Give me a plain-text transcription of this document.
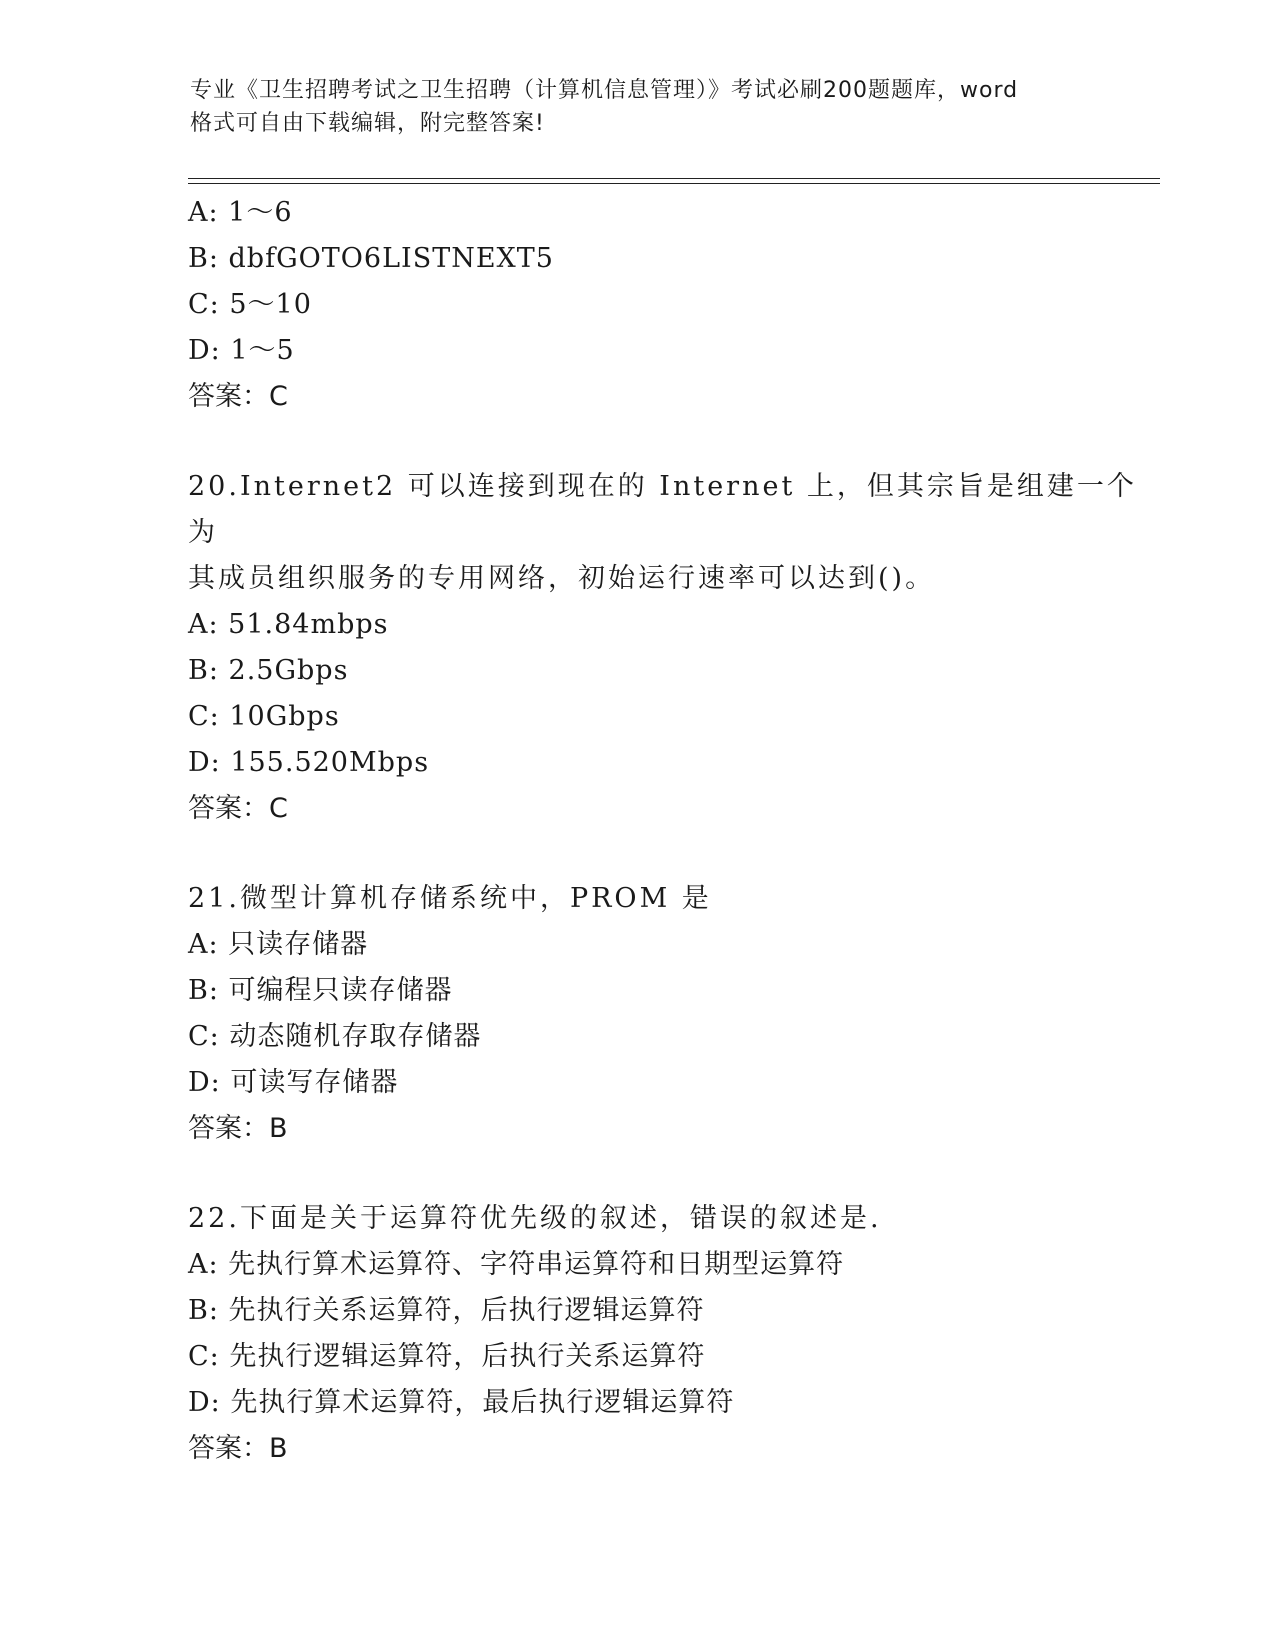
专业《卫生招聘考试之卫生招聘（计算机信息管理）》考试必刷200题题库，word
格式可自由下载编辑，附完整答案!
A: 1～6
B: dbfGOTO6LISTNEXT5
C: 5～10
D: 1～5
答案：C
20.Internet2 可以连接到现在的 Internet 上，但其宗旨是组建一个为
其成员组织服务的专用网络，初始运行速率可以达到()。
A: 51.84mbps
B: 2.5Gbps
C: 10Gbps
D: 155.520Mbps
答案：C
21.微型计算机存储系统中，PROM 是
A: 只读存储器
B: 可编程只读存储器
C: 动态随机存取存储器
D: 可读写存储器
答案：B
22.下面是关于运算符优先级的叙述，错误的叙述是.
A: 先执行算术运算符、字符串运算符和日期型运算符
B: 先执行关系运算符，后执行逻辑运算符
C: 先执行逻辑运算符，后执行关系运算符
D: 先执行算术运算符，最后执行逻辑运算符
答案：B
